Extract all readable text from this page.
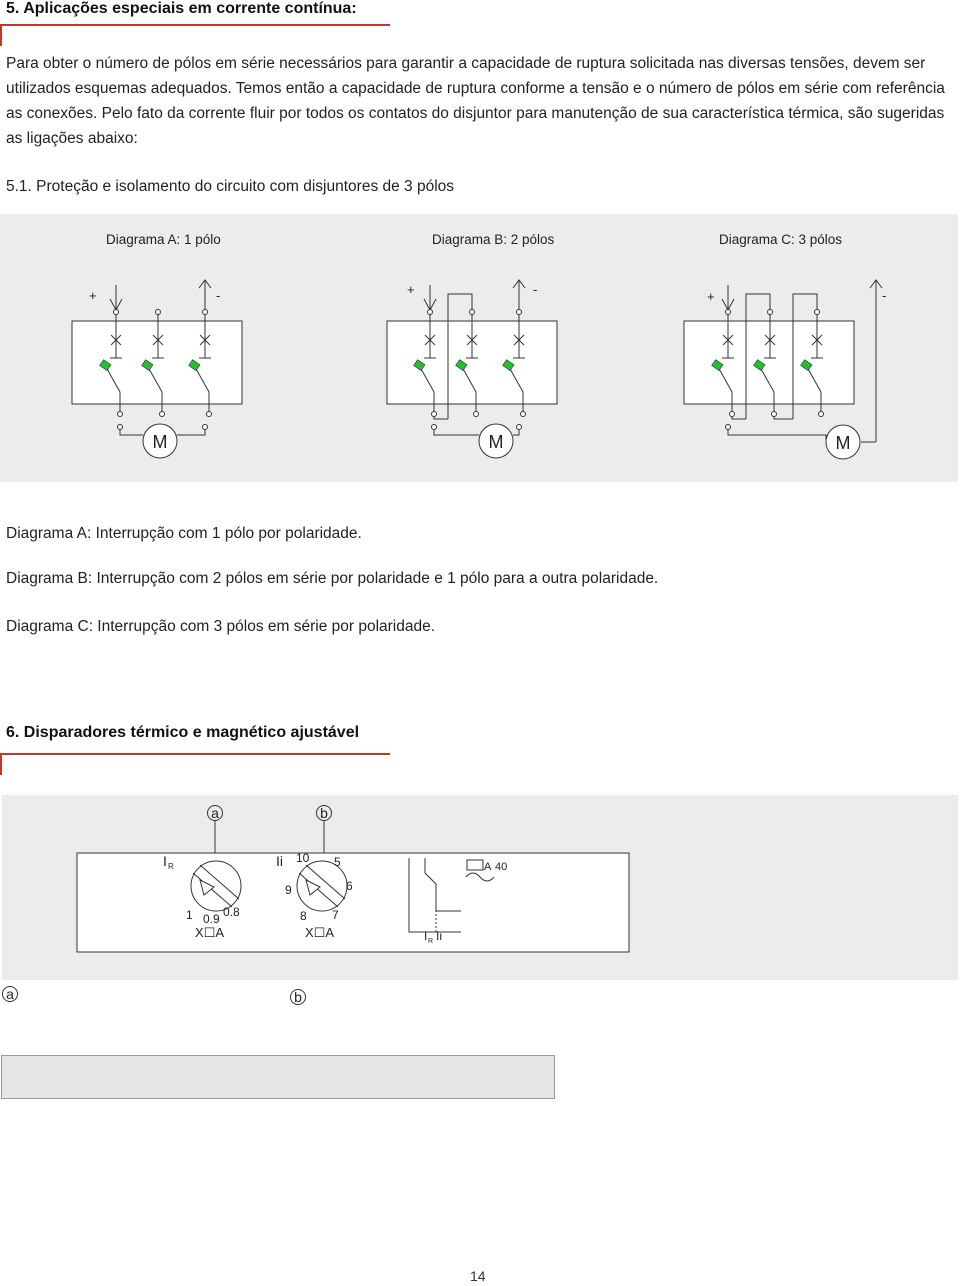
5. Aplicações especiais em corrente contínua:
Para obter o número de pólos em série necessários para garantir a capacidade de ruptura solicitada nas diversas tensões, devem ser utilizados esquemas adequados. Temos então a capacidade de ruptura conforme a tensão e o número de pólos em série com referência as conexões. Pelo fato da corrente fluir por todos os contatos do disjuntor para manutenção de sua característica térmica, são sugeridas as ligações abaixo:
5.1. Proteção e isolamento do circuito com disjuntores de 3 pólos
Diagrama A: 1 pólo	Diagrama B: 2 pólos	Diagrama C: 3 pólos
+	-	+	-	+	-
M	M	M
Diagrama A: Interrupção com 1 pólo por polaridade.
Diagrama B: Interrupção com 2 pólos em série por polaridade e 1 pólo para a outra polaridade.
Diagrama C: Interrupção com 3 pólos em série por polaridade.
6. Disparadores térmico e magnético ajustável
a	b
I R
1 0.9 0.8
X☐A
Ii 10 5
9	6
8 7
X☐A	I R Ii
A 40
a	b
14
